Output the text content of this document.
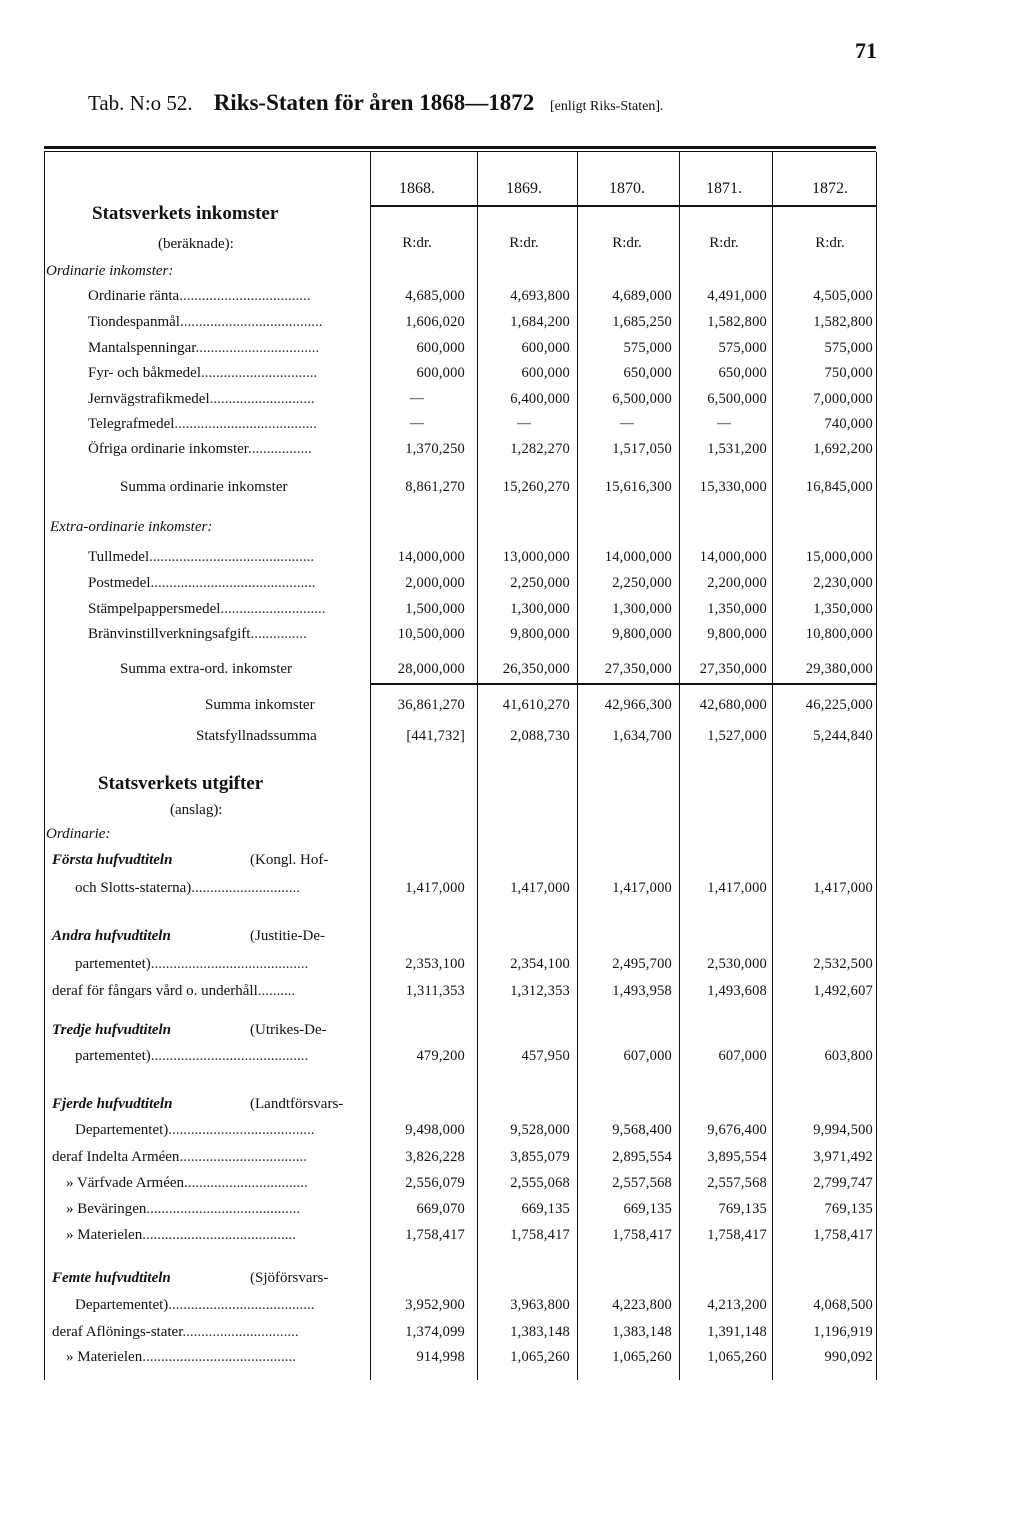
71
Tab. N:o 52. Riks-Staten för åren 1868—1872 [enligt Riks-Staten].
1868.	1869.	1870.	1871.	1872.
R:dr.	R:dr.	R:dr.	R:dr.	R:dr.
Statsverkets inkomster
(beräknade):
Ordinarie inkomster:
Ordinarie ränta...................................	4,685,000	4,693,800	4,689,000	4,491,000	4,505,000
Tiondespanmål......................................	1,606,020	1,684,200	1,685,250	1,582,800	1,582,800
Mantalspenningar.................................	600,000	600,000	575,000	575,000	575,000
Fyr- och båkmedel...............................	600,000	600,000	650,000	650,000	750,000
Jernvägstrafikmedel............................	—	6,400,000	6,500,000	6,500,000	7,000,000
Telegrafmedel......................................	—	—	—	—	740,000
Öfriga ordinarie inkomster.................	1,370,250	1,282,270	1,517,050	1,531,200	1,692,200
Summa ordinarie inkomster	8,861,270	15,260,270	15,616,300	15,330,000	16,845,000
Extra-ordinarie inkomster:
Tullmedel............................................	14,000,000	13,000,000	14,000,000	14,000,000	15,000,000
Postmedel............................................	2,000,000	2,250,000	2,250,000	2,200,000	2,230,000
Stämpelpappersmedel............................	1,500,000	1,300,000	1,300,000	1,350,000	1,350,000
Bränvinstillverkningsafgift...............	10,500,000	9,800,000	9,800,000	9,800,000	10,800,000
Summa extra-ord. inkomster	28,000,000	26,350,000	27,350,000	27,350,000	29,380,000
Summa inkomster	36,861,270	41,610,270	42,966,300	42,680,000	46,225,000
Statsfyllnadssumma	[441,732]	2,088,730	1,634,700	1,527,000	5,244,840
Statsverkets utgifter
(anslag):
Ordinarie:
Första hufvudtiteln	(Kongl. Hof-
och Slotts-staterna).............................	1,417,000	1,417,000	1,417,000	1,417,000	1,417,000
Andra hufvudtiteln	(Justitie-De-
partementet)..........................................	2,353,100	2,354,100	2,495,700	2,530,000	2,532,500
deraf för fångars vård o. underhåll..........	1,311,353	1,312,353	1,493,958	1,493,608	1,492,607
Tredje hufvudtiteln	(Utrikes-De-
partementet)..........................................	479,200	457,950	607,000	607,000	603,800
Fjerde hufvudtiteln	(Landtförsvars-
Departementet).......................................	9,498,000	9,528,000	9,568,400	9,676,400	9,994,500
deraf Indelta Arméen..................................	3,826,228	3,855,079	2,895,554	3,895,554	3,971,492
» Värfvade Arméen.................................	2,556,079	2,555,068	2,557,568	2,557,568	2,799,747
» Beväringen.........................................	669,070	669,135	669,135	769,135	769,135
» Materielen.........................................	1,758,417	1,758,417	1,758,417	1,758,417	1,758,417
Femte hufvudtiteln	(Sjöförsvars-
Departementet).......................................	3,952,900	3,963,800	4,223,800	4,213,200	4,068,500
deraf Aflönings-stater...............................	1,374,099	1,383,148	1,383,148	1,391,148	1,196,919
» Materielen.........................................	914,998	1,065,260	1,065,260	1,065,260	990,092
